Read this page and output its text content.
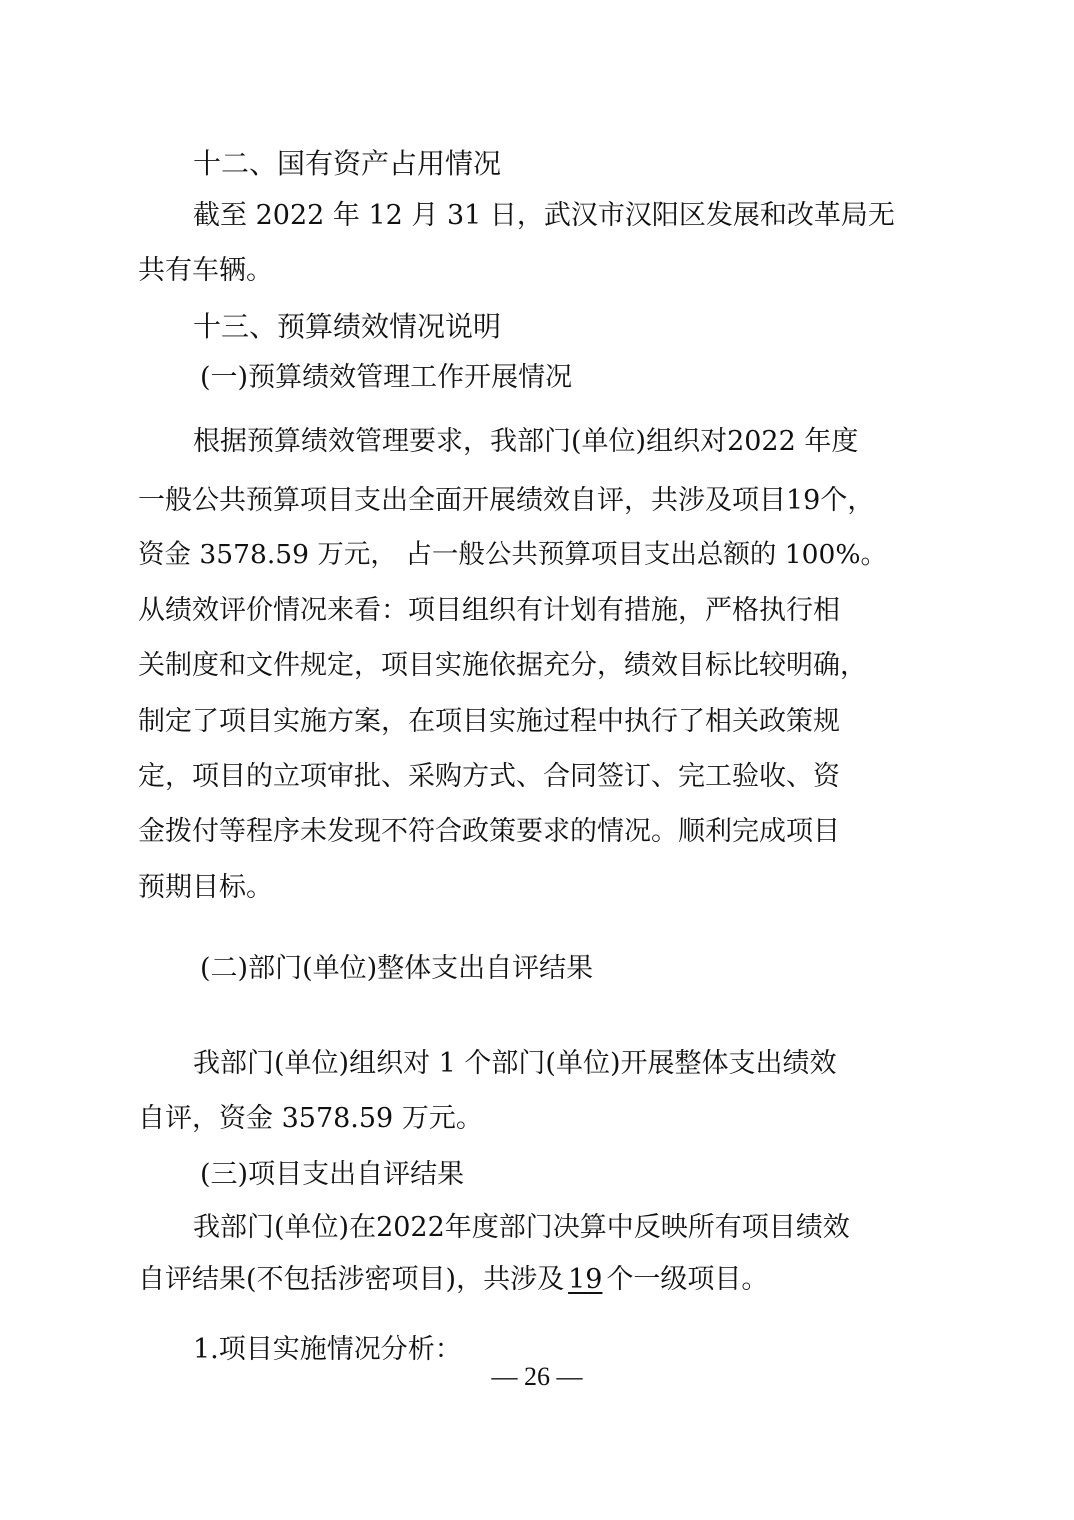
十二、国有资产占用情况
截至 2022 年 12 月 31 日，武汉市汉阳区发展和改革局无
共有车辆。
十三、预算绩效情况说明
(一)预算绩效管理工作开展情况
根据预算绩效管理要求，我部门(单位)组织对2022 年度
一般公共预算项目支出全面开展绩效自评，共涉及项目19个，
资金 3578.59 万元， 占一般公共预算项目支出总额的 100%。
从绩效评价情况来看：项目组织有计划有措施，严格执行相
关制度和文件规定，项目实施依据充分，绩效目标比较明确，
制定了项目实施方案，在项目实施过程中执行了相关政策规
定，项目的立项审批、采购方式、合同签订、完工验收、资
金拨付等程序未发现不符合政策要求的情况。顺利完成项目
预期目标。
(二)部门(单位)整体支出自评结果
我部门(单位)组织对 1 个部门(单位)开展整体支出绩效
自评，资金 3578.59 万元。
(三)项目支出自评结果
我部门(单位)在2022年度部门决算中反映所有项目绩效
自评结果(不包括涉密项目)，共涉及 19 个一级项目。
1.项目实施情况分析：
— 26 —
